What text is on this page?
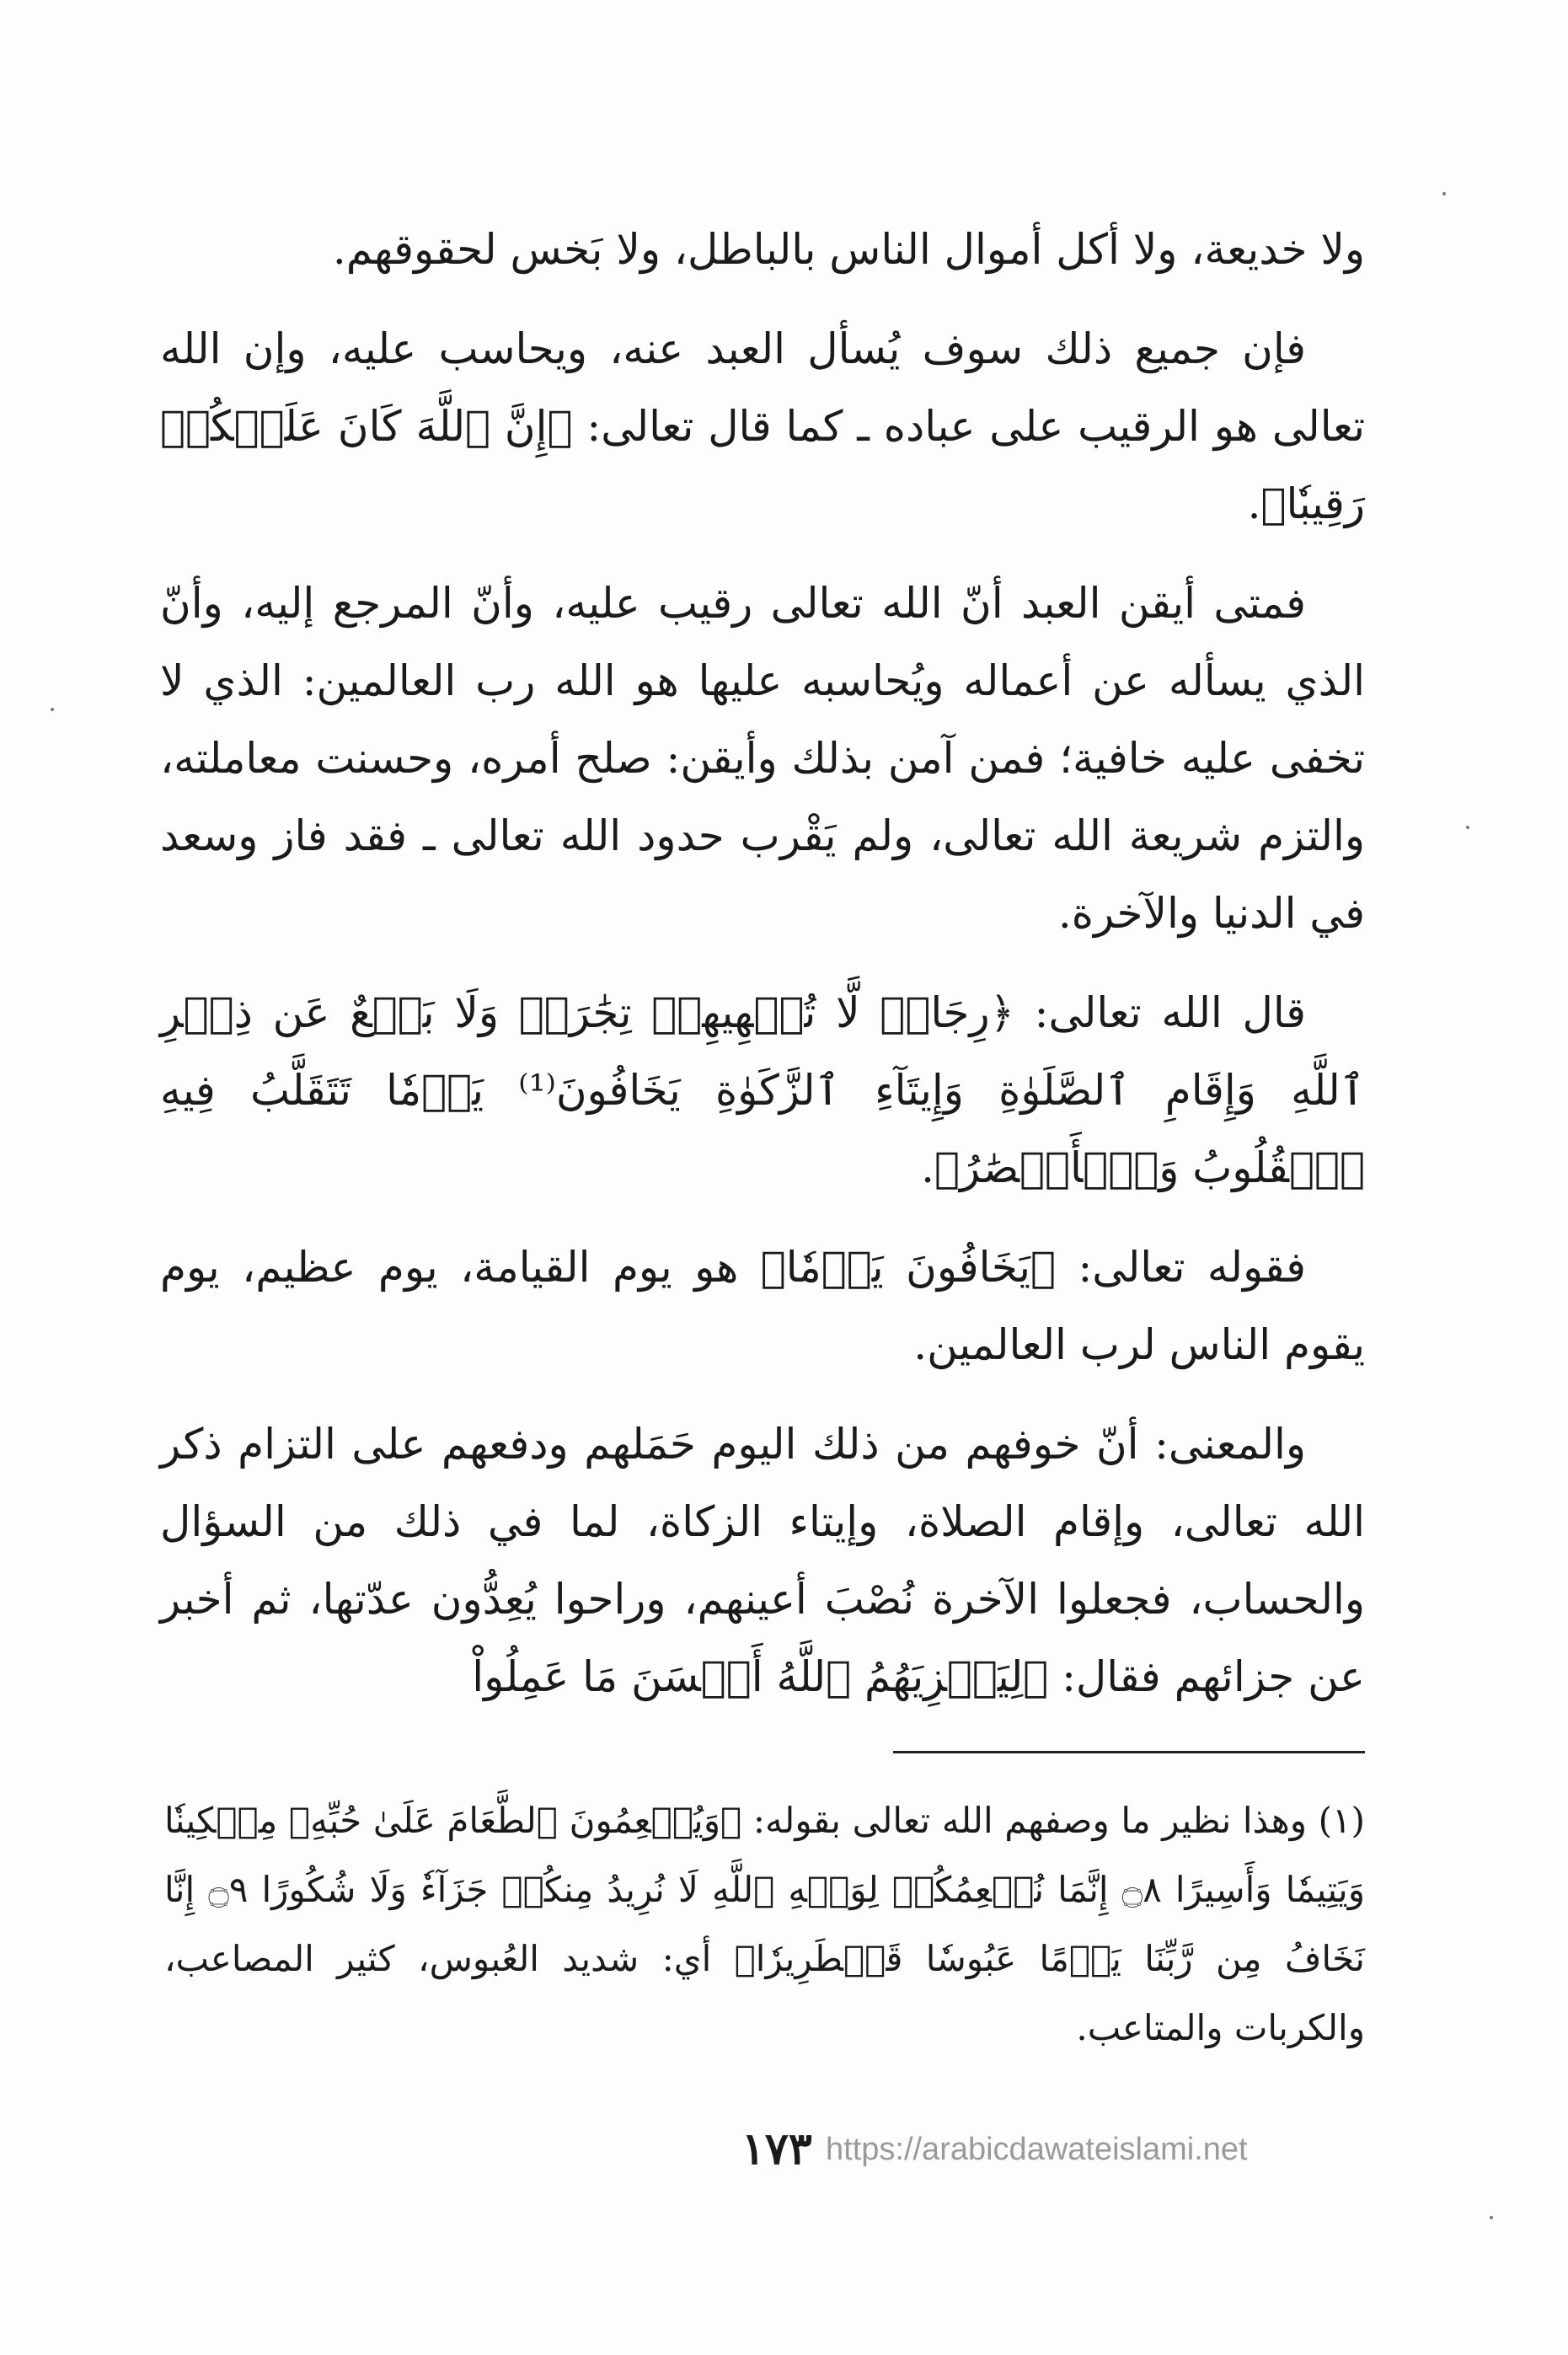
ولا خديعة، ولا أكل أموال الناس بالباطل، ولا بَخس لحقوقهم.

فإن جميع ذلك سوف يُسأل العبد عنه، ويحاسب عليه، وإن الله تعالى هو الرقيب على عباده ـ كما قال تعالى: ﴿إِنَّ ٱللَّهَ كَانَ عَلَيۡكُمۡ رَقِيبٗا﴾.

فمتى أيقن العبد أنّ الله تعالى رقيب عليه، وأنّ المرجع إليه، وأنّ الذي يسأله عن أعماله ويُحاسبه عليها هو الله رب العالمين: الذي لا تخفى عليه خافية؛ فمن آمن بذلك وأيقن: صلح أمره، وحسنت معاملته، والتزم شريعة الله تعالى، ولم يَقْرب حدود الله تعالى ـ فقد فاز وسعد في الدنيا والآخرة.

قال الله تعالى: ﴿رِجَالٞ لَّا تُلۡهِيهِمۡ تِجَٰرَةٞ وَلَا بَيۡعٌ عَن ذِكۡرِ ٱللَّهِ وَإِقَامِ ٱلصَّلَوٰةِ وَإِيتَآءِ ٱلزَّكَوٰةِ يَخَافُونَ⁽¹⁾ يَوۡمٗا تَتَقَلَّبُ فِيهِ ٱلۡقُلُوبُ وَٱلۡأَبۡصَٰرُ﴾.

فقوله تعالى: ﴿يَخَافُونَ يَوۡمٗا﴾ هو يوم القيامة، يوم عظيم، يوم يقوم الناس لرب العالمين.

والمعنى: أنّ خوفهم من ذلك اليوم حَمَلهم ودفعهم على التزام ذكر الله تعالى، وإقام الصلاة، وإيتاء الزكاة، لما في ذلك من السؤال والحساب، فجعلوا الآخرة نُصْبَ أعينهم، وراحوا يُعِدُّون عدّتها، ثم أخبر عن جزائهم فقال: ﴿لِيَجۡزِيَهُمُ ٱللَّهُ أَحۡسَنَ مَا عَمِلُواْ

(١) وهذا نظير ما وصفهم الله تعالى بقوله: ﴿وَيُطۡعِمُونَ ٱلطَّعَامَ عَلَىٰ حُبِّهِۦ مِسۡكِينٗا وَيَتِيمٗا وَأَسِيرًا ۝٨ إِنَّمَا نُطۡعِمُكُمۡ لِوَجۡهِ ٱللَّهِ لَا نُرِيدُ مِنكُمۡ جَزَآءٗ وَلَا شُكُورًا ۝٩ إِنَّا نَخَافُ مِن رَّبِّنَا يَوۡمًا عَبُوسٗا قَمۡطَرِيرٗا﴾ أي: شديد العُبوس، كثير المصاعب، والكربات والمتاعب.

١٧٣ https://arabicdawateislami.net
